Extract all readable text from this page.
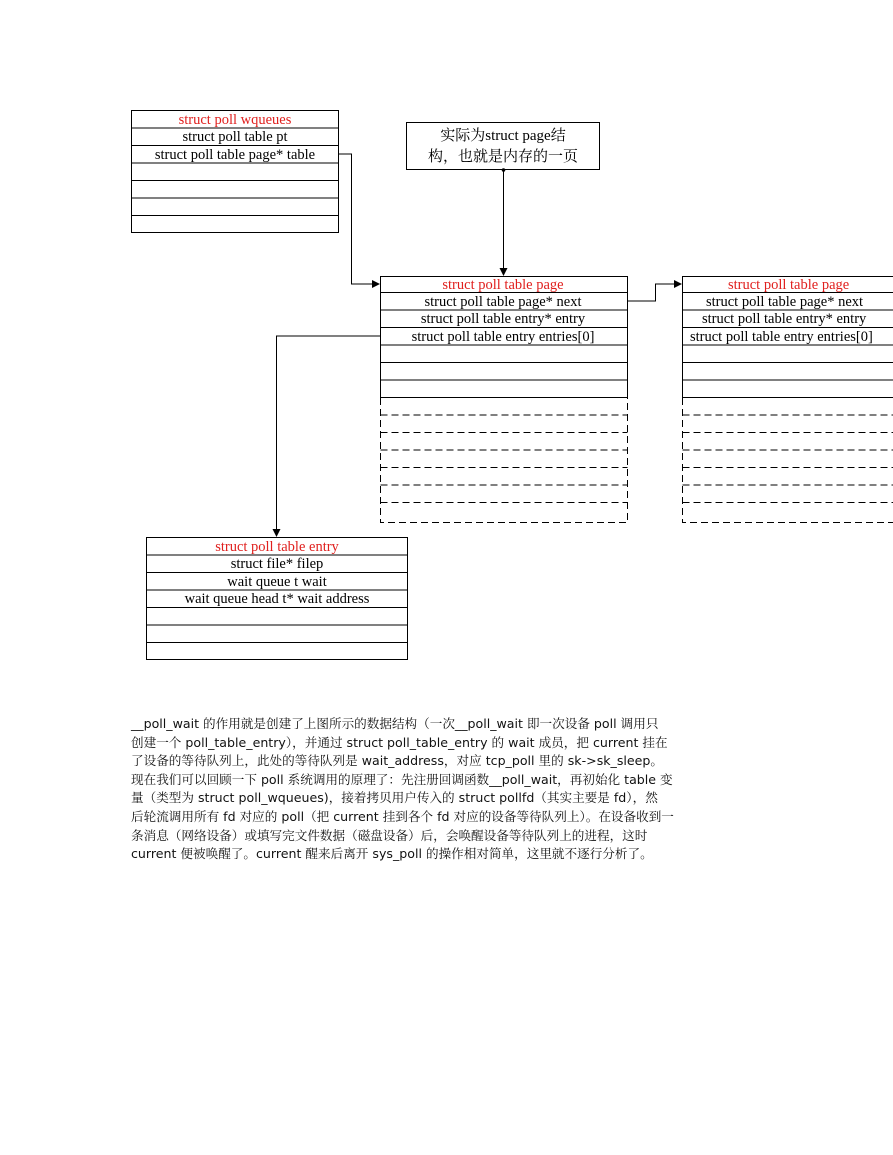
struct poll wqueues
struct poll table pt
struct poll table page* table
实际为struct page结
构，也就是内存的一页
struct poll table page
struct poll table page* next
struct poll table entry* entry
struct poll table entry entries[0]
struct poll table page
struct poll table page* next
struct poll table entry* entry
struct poll table entry entries[0]
struct poll table entry
struct file* filep
wait queue t wait
wait queue head t* wait address
__poll_wait 的作用就是创建了上图所示的数据结构（一次__poll_wait 即一次设备 poll 调用只
创建一个 poll_table_entry），并通过 struct poll_table_entry 的 wait 成员，把 current 挂在
了设备的等待队列上，此处的等待队列是 wait_address，对应 tcp_poll 里的 sk->sk_sleep。
现在我们可以回顾一下 poll 系统调用的原理了：先注册回调函数__poll_wait，再初始化 table 变
量（类型为 struct poll_wqueues)，接着拷贝用户传入的 struct pollfd（其实主要是 fd），然
后轮流调用所有 fd 对应的 poll（把 current 挂到各个 fd 对应的设备等待队列上）。在设备收到一
条消息（网络设备）或填写完文件数据（磁盘设备）后，会唤醒设备等待队列上的进程，这时
current 便被唤醒了。current 醒来后离开 sys_poll 的操作相对简单，这里就不逐行分析了。
